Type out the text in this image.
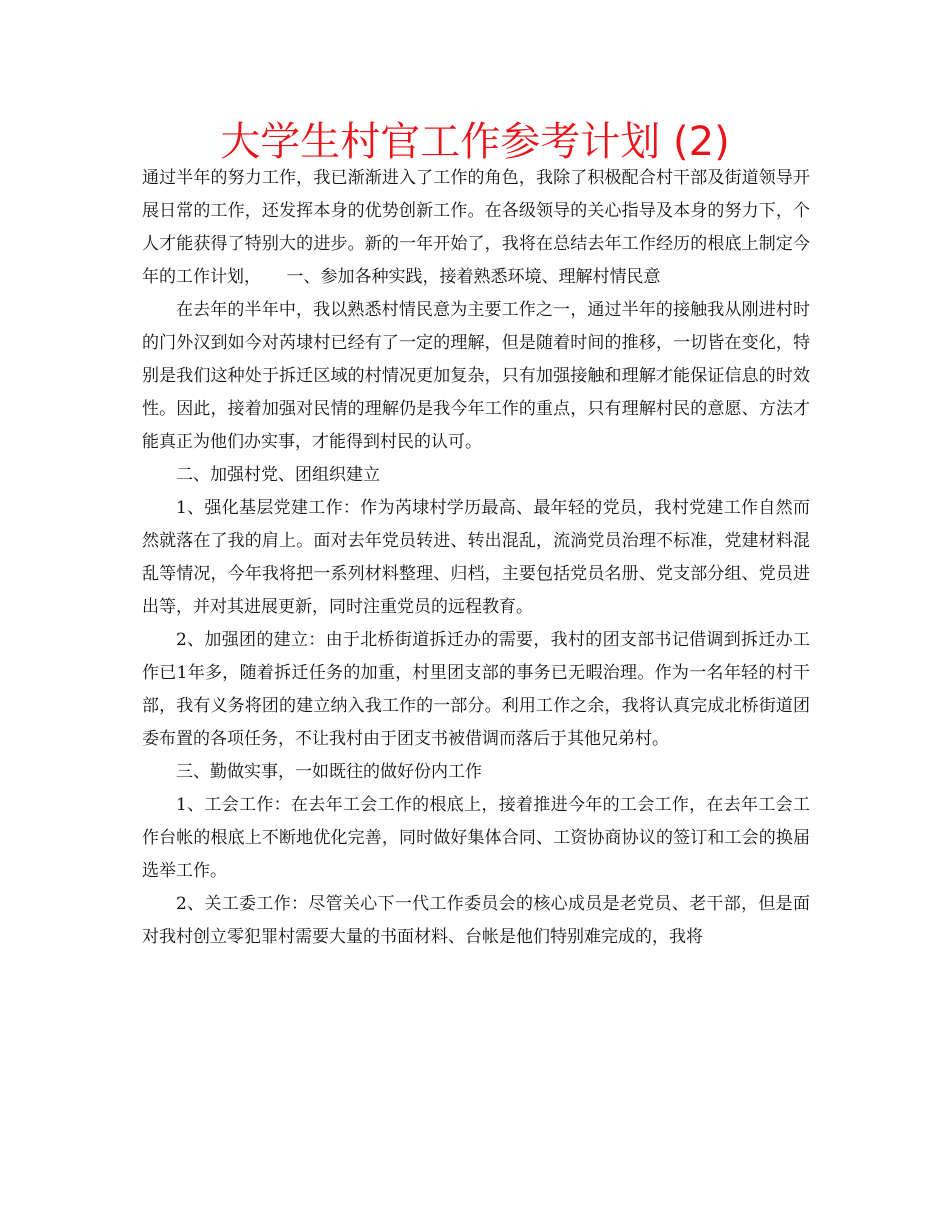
大学生村官工作参考计划 (2)

通过半年的努力工作，我已渐渐进入了工作的角色，我除了积极配合村干部及街道领导开展日常的工作，还发挥本身的优势创新工作。在各级领导的关心指导及本身的努力下，个人才能获得了特别大的进步。新的一年开始了，我将在总结去年工作经历的根底上制定今年的工作计划，　　一、参加各种实践，接着熟悉环境、理解村情民意

在去年的半年中，我以熟悉村情民意为主要工作之一，通过半年的接触我从刚进村时的门外汉到如今对芮埭村已经有了一定的理解，但是随着时间的推移，一切皆在变化，特别是我们这种处于拆迁区域的村情况更加复杂，只有加强接触和理解才能保证信息的时效性。因此，接着加强对民情的理解仍是我今年工作的重点，只有理解村民的意愿、方法才能真正为他们办实事，才能得到村民的认可。

二、加强村党、团组织建立

1、强化基层党建工作：作为芮埭村学历最高、最年轻的党员，我村党建工作自然而然就落在了我的肩上。面对去年党员转进、转出混乱，流淌党员治理不标准，党建材料混乱等情况，今年我将把一系列材料整理、归档，主要包括党员名册、党支部分组、党员进出等，并对其进展更新，同时注重党员的远程教育。

2、加强团的建立：由于北桥街道拆迁办的需要，我村的团支部书记借调到拆迁办工作已1年多，随着拆迁任务的加重，村里团支部的事务已无暇治理。作为一名年轻的村干部，我有义务将团的建立纳入我工作的一部分。利用工作之余，我将认真完成北桥街道团委布置的各项任务，不让我村由于团支书被借调而落后于其他兄弟村。

三、勤做实事，一如既往的做好份内工作

1、工会工作：在去年工会工作的根底上，接着推进今年的工会工作，在去年工会工作台帐的根底上不断地优化完善，同时做好集体合同、工资协商协议的签订和工会的换届选举工作。

2、关工委工作：尽管关心下一代工作委员会的核心成员是老党员、老干部，但是面对我村创立零犯罪村需要大量的书面材料、台帐是他们特别难完成的，我将
